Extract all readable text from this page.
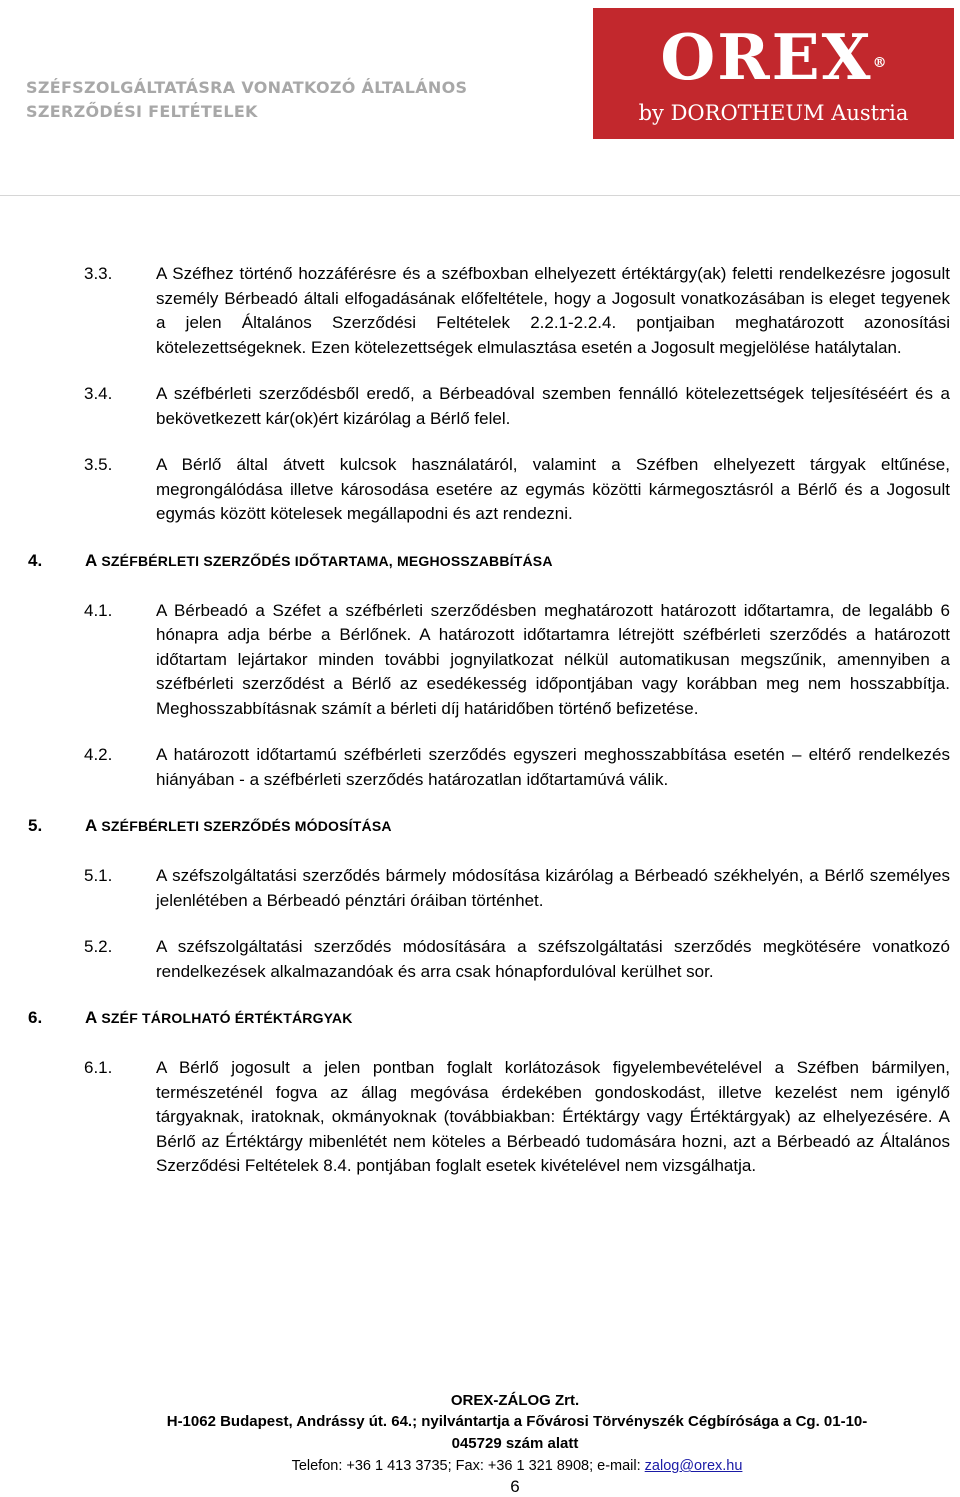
SZÉFSZOLGÁLTATÁSRA VONATKOZÓ ÁLTALÁNOS
SZERZŐDÉSI FELTÉTELEK
OREX®
by DOROTHEUM Austria
3.3.	A Széfhez történő hozzáférésre és a széfboxban elhelyezett értéktárgy(ak) feletti rendelkezésre jogosult személy Bérbeadó általi elfogadásának előfeltétele, hogy a Jogosult vonatkozásában is eleget tegyenek a jelen Általános Szerződési Feltételek 2.2.1-2.2.4. pontjaiban meghatározott azonosítási kötelezettségeknek. Ezen kötelezettségek elmulasztása esetén a Jogosult megjelölése hatálytalan.
3.4.	A széfbérleti szerződésből eredő, a Bérbeadóval szemben fennálló kötelezettségek teljesítéséért és a bekövetkezett kár(ok)ért kizárólag a Bérlő felel.
3.5.	A Bérlő által átvett kulcsok használatáról, valamint a Széfben elhelyezett tárgyak eltűnése, megrongálódása illetve károsodása esetére az egymás közötti kármegosztásról a Bérlő és a Jogosult egymás között kötelesek megállapodni és azt rendezni.
4.	A SZÉFBÉRLETI SZERZŐDÉS IDŐTARTAMA, MEGHOSSZABBÍTÁSA
4.1.	A Bérbeadó a Széfet a széfbérleti szerződésben meghatározott határozott időtartamra, de legalább 6 hónapra adja bérbe a Bérlőnek. A határozott időtartamra létrejött széfbérleti szerződés a határozott időtartam lejártakor minden további jognyilatkozat nélkül automatikusan megszűnik, amennyiben a széfbérleti szerződést a Bérlő az esedékesség időpontjában vagy korábban meg nem hosszabbítja. Meghosszabbításnak számít a bérleti díj határidőben történő befizetése.
4.2.	A határozott időtartamú széfbérleti szerződés egyszeri meghosszabbítása esetén – eltérő rendelkezés hiányában - a széfbérleti szerződés határozatlan időtartamúvá válik.
5.	A SZÉFBÉRLETI SZERZŐDÉS MÓDOSÍTÁSA
5.1.	A széfszolgáltatási szerződés bármely módosítása kizárólag a Bérbeadó székhelyén, a Bérlő személyes jelenlétében a Bérbeadó pénztári óráiban történhet.
5.2.	A széfszolgáltatási szerződés módosítására a széfszolgáltatási szerződés megkötésére vonatkozó rendelkezések alkalmazandóak és arra csak hónapfordulóval kerülhet sor.
6.	A SZÉF TÁROLHATÓ ÉRTÉKTÁRGYAK
6.1.	A Bérlő jogosult a jelen pontban foglalt korlátozások figyelembevételével a Széfben bármilyen, természeténél fogva az állag megóvása érdekében gondoskodást, illetve kezelést nem igénylő tárgyaknak, iratoknak, okmányoknak (továbbiakban: Értéktárgy vagy Értéktárgyak) az elhelyezésére. A Bérlő az Értéktárgy mibenlétét nem köteles a Bérbeadó tudomására hozni, azt a Bérbeadó az Általános Szerződési Feltételek 8.4. pontjában foglalt esetek kivételével nem vizsgálhatja.
OREX-ZÁLOG Zrt.
H-1062 Budapest, Andrássy út. 64.; nyilvántartja a Fővárosi Törvényszék Cégbírósága a Cg. 01-10-
045729 szám alatt
Telefon: +36 1 413 3735; Fax: +36 1 321 8908; e-mail: zalog@orex.hu
6
